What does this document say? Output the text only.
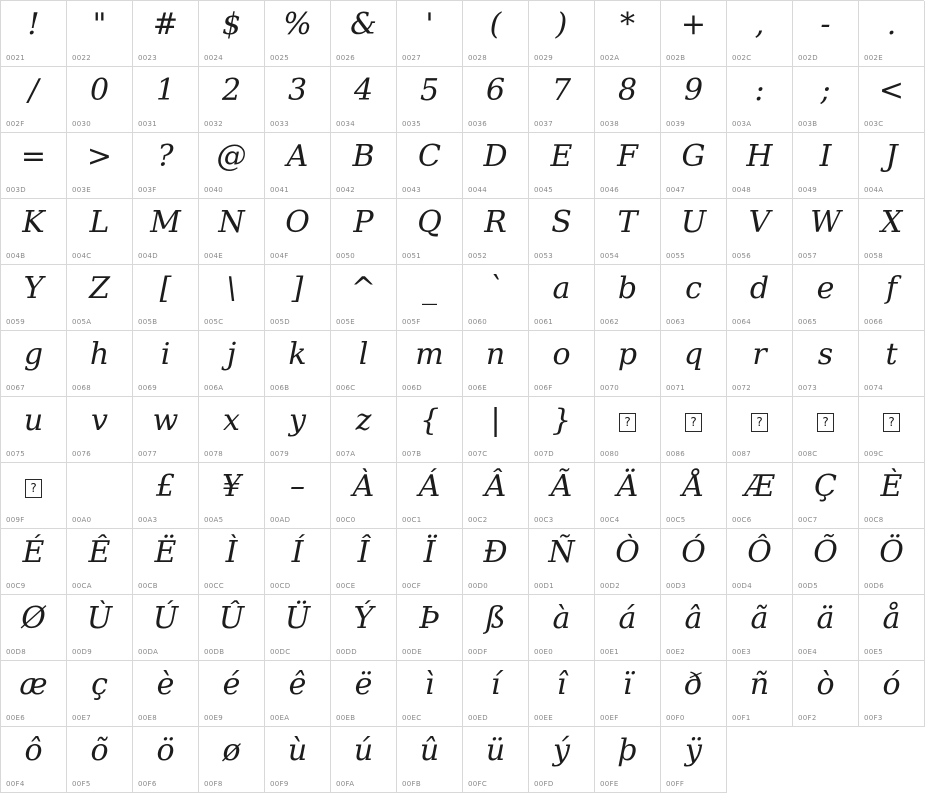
!
0021
"
0022
#
0023
$
0024
%
0025
&
0026
'
0027
(
0028
)
0029
*
002A
+
002B
,
002C
-
002D
.
002E
/
002F
0
0030
1
0031
2
0032
3
0033
4
0034
5
0035
6
0036
7
0037
8
0038
9
0039
:
003A
;
003B
<
003C
=
003D
>
003E
?
003F
@
0040
A
0041
B
0042
C
0043
D
0044
E
0045
F
0046
G
0047
H
0048
I
0049
J
004A
K
004B
L
004C
M
004D
N
004E
O
004F
P
0050
Q
0051
R
0052
S
0053
T
0054
U
0055
V
0056
W
0057
X
0058
Y
0059
Z
005A
[
005B
\
005C
]
005D
^
005E
_
005F
`
0060
a
0061
b
0062
c
0063
d
0064
e
0065
f
0066
g
0067
h
0068
i
0069
j
006A
k
006B
l
006C
m
006D
n
006E
o
006F
p
0070
q
0071
r
0072
s
0073
t
0074
u
0075
v
0076
w
0077
x
0078
y
0079
z
007A
{
007B
|
007C
}
007D
?
0080
?
0086
?
0087
?
008C
?
009C
?
009F	00A0
£
00A3
¥
00A5
–
00AD
À
00C0
Á
00C1
Â
00C2
Ã
00C3
Ä
00C4
Å
00C5
Æ
00C6
Ç
00C7
È
00C8
É
00C9
Ê
00CA
Ë
00CB
Ì
00CC
Í
00CD
Î
00CE
Ï
00CF
Ð
00D0
Ñ
00D1
Ò
00D2
Ó
00D3
Ô
00D4
Õ
00D5
Ö
00D6
Ø
00D8
Ù
00D9
Ú
00DA
Û
00DB
Ü
00DC
Ý
00DD
Þ
00DE
ß
00DF
à
00E0
á
00E1
â
00E2
ã
00E3
ä
00E4
å
00E5
æ
00E6
ç
00E7
è
00E8
é
00E9
ê
00EA
ë
00EB
ì
00EC
í
00ED
î
00EE
ï
00EF
ð
00F0
ñ
00F1
ò
00F2
ó
00F3
ô
00F4
õ
00F5
ö
00F6
ø
00F8
ù
00F9
ú
00FA
û
00FB
ü
00FC
ý
00FD
þ
00FE
ÿ
00FF
